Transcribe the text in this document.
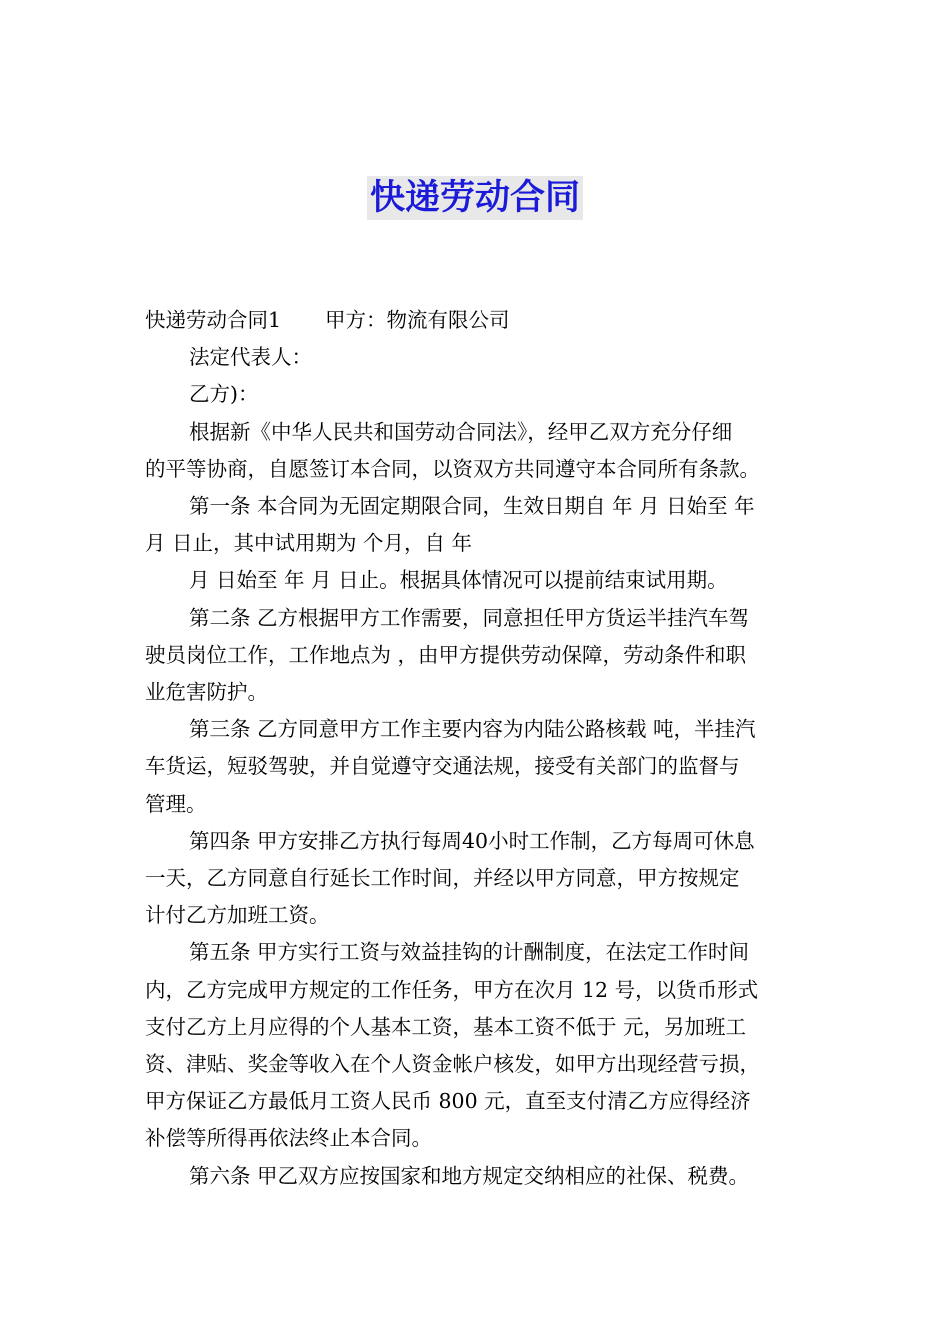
快递劳动合同

快递劳动合同1 甲方：物流有限公司

法定代表人：

乙方)：

根据新《中华人民共和国劳动合同法》，经甲乙双方充分仔细

的平等协商，自愿签订本合同，以资双方共同遵守本合同所有条款。

第一条 本合同为无固定期限合同，生效日期自 年 月 日始至 年

月 日止，其中试用期为 个月，自 年

月 日始至 年 月 日止。根据具体情况可以提前结束试用期。

第二条 乙方根据甲方工作需要，同意担任甲方货运半挂汽车驾

驶员岗位工作，工作地点为 ，由甲方提供劳动保障，劳动条件和职

业危害防护。

第三条 乙方同意甲方工作主要内容为内陆公路核载 吨，半挂汽

车货运，短驳驾驶，并自觉遵守交通法规，接受有关部门的监督与

管理。

第四条 甲方安排乙方执行每周40小时工作制，乙方每周可休息

一天，乙方同意自行延长工作时间，并经以甲方同意，甲方按规定

计付乙方加班工资。

第五条 甲方实行工资与效益挂钩的计酬制度，在法定工作时间

内，乙方完成甲方规定的工作任务，甲方在次月 12 号，以货币形式

支付乙方上月应得的个人基本工资，基本工资不低于 元，另加班工

资、津贴、奖金等收入在个人资金帐户核发，如甲方出现经营亏损，

甲方保证乙方最低月工资人民币 800 元，直至支付清乙方应得经济

补偿等所得再依法终止本合同。

第六条 甲乙双方应按国家和地方规定交纳相应的社保、税费。
